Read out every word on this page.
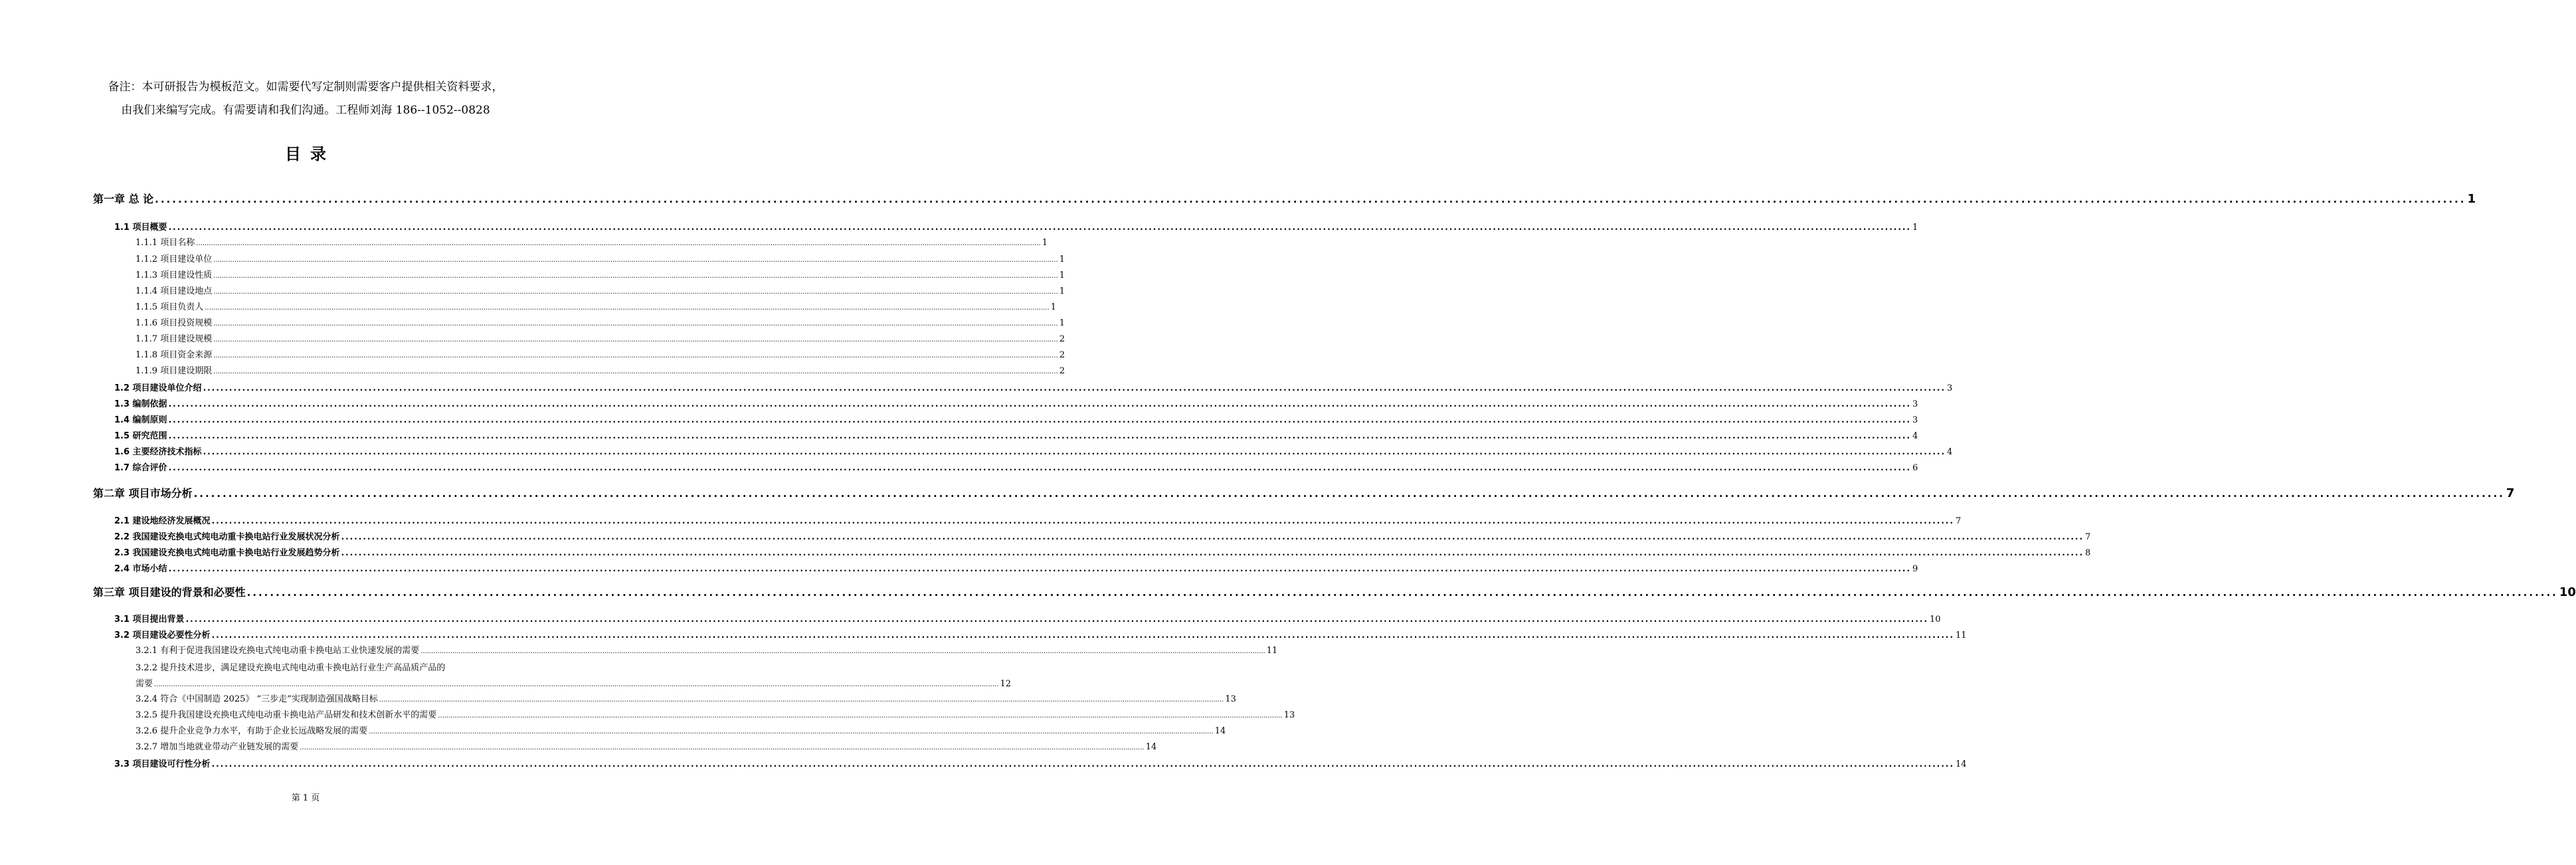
备注：本可研报告为模板范文。如需要代写定制则需要客户提供相关资料要求，
由我们来编写完成。有需要请和我们沟通。工程师刘海 186--1052--0828
目录
第一章 总 论 ................................................................................................................................................................................................................................................................................................................................................................................................................ 1
1.1 项目概要 ................................................................................................................................................................................................................................................................................................................................................................................................................ 1
1.1.1 项目名称 ................................................................................................................................................................................................................................................................................................................................................................................................................ 1
1.1.2 项目建设单位 ................................................................................................................................................................................................................................................................................................................................................................................................................ 1
1.1.3 项目建设性质 ................................................................................................................................................................................................................................................................................................................................................................................................................ 1
1.1.4 项目建设地点 ................................................................................................................................................................................................................................................................................................................................................................................................................ 1
1.1.5 项目负责人 ................................................................................................................................................................................................................................................................................................................................................................................................................ 1
1.1.6 项目投资规模 ................................................................................................................................................................................................................................................................................................................................................................................................................ 1
1.1.7 项目建设规模 ................................................................................................................................................................................................................................................................................................................................................................................................................ 2
1.1.8 项目资金来源 ................................................................................................................................................................................................................................................................................................................................................................................................................ 2
1.1.9 项目建设期限 ................................................................................................................................................................................................................................................................................................................................................................................................................ 2
1.2 项目建设单位介绍 ................................................................................................................................................................................................................................................................................................................................................................................................................ 3
1.3 编制依据 ................................................................................................................................................................................................................................................................................................................................................................................................................ 3
1.4 编制原则 ................................................................................................................................................................................................................................................................................................................................................................................................................ 3
1.5 研究范围 ................................................................................................................................................................................................................................................................................................................................................................................................................ 4
1.6 主要经济技术指标 ................................................................................................................................................................................................................................................................................................................................................................................................................ 4
1.7 综合评价 ................................................................................................................................................................................................................................................................................................................................................................................................................ 6
第二章 项目市场分析 ................................................................................................................................................................................................................................................................................................................................................................................................................ 7
2.1 建设地经济发展概况 ................................................................................................................................................................................................................................................................................................................................................................................................................ 7
2.2 我国建设充换电式纯电动重卡换电站行业发展状况分析 ................................................................................................................................................................................................................................................................................................................................................................................................................ 7
2.3 我国建设充换电式纯电动重卡换电站行业发展趋势分析 ................................................................................................................................................................................................................................................................................................................................................................................................................ 8
2.4 市场小结 ................................................................................................................................................................................................................................................................................................................................................................................................................ 9
第三章 项目建设的背景和必要性 ................................................................................................................................................................................................................................................................................................................................................................................................................ 10
3.1 项目提出背景 ................................................................................................................................................................................................................................................................................................................................................................................................................ 10
3.2 项目建设必要性分析 ................................................................................................................................................................................................................................................................................................................................................................................................................ 11
3.2.1 有利于促进我国建设充换电式纯电动重卡换电站工业快速发展的需要 ................................................................................................................................................................................................................................................................................................................................................................................................................ 11
3.2.2 提升技术进步，满足建设充换电式纯电动重卡换电站行业生产高品质产品的
需要 ................................................................................................................................................................................................................................................................................................................................................................................................................ 12
3.2.4 符合《中国制造 2025》 “三步走”实现制造强国战略目标 ................................................................................................................................................................................................................................................................................................................................................................................................................ 13
3.2.5 提升我国建设充换电式纯电动重卡换电站产品研发和技术创新水平的需要 ................................................................................................................................................................................................................................................................................................................................................................................................................ 13
3.2.6 提升企业竞争力水平，有助于企业长远战略发展的需要 ................................................................................................................................................................................................................................................................................................................................................................................................................ 14
3.2.7 增加当地就业带动产业链发展的需要 ................................................................................................................................................................................................................................................................................................................................................................................................................ 14
3.3 项目建设可行性分析 ................................................................................................................................................................................................................................................................................................................................................................................................................ 14
第 1 页
